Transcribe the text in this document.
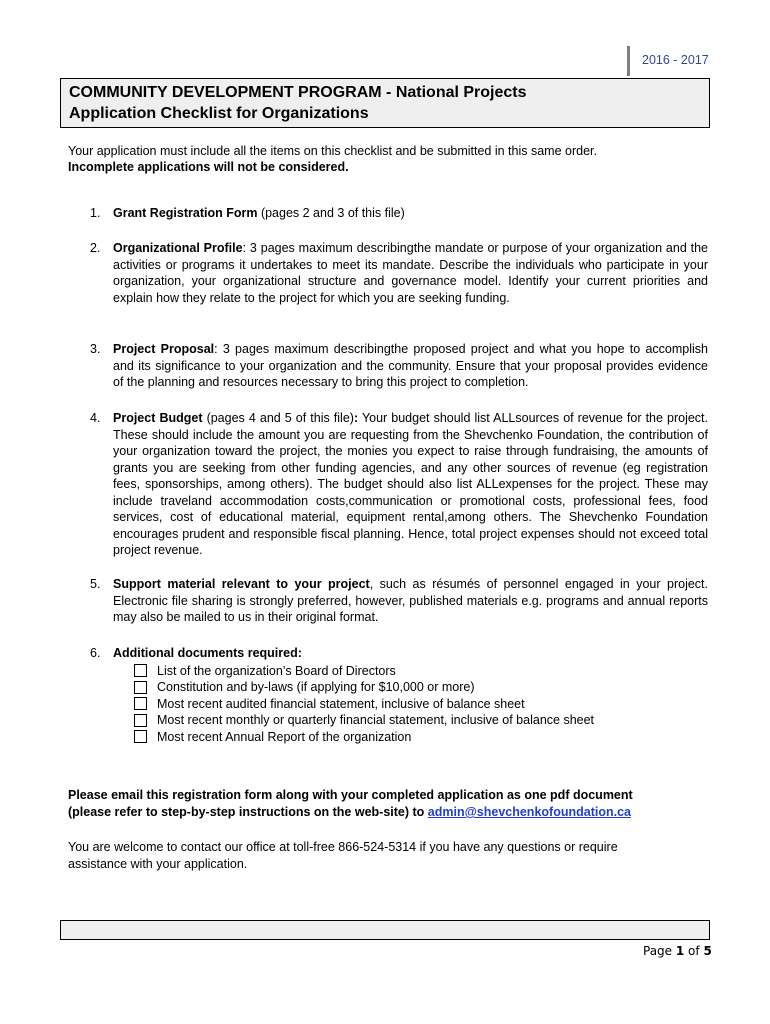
2016 - 2017
COMMUNITY DEVELOPMENT PROGRAM - National Projects
Application Checklist for Organizations
Your application must include all the items on this checklist and be submitted in this same order.
Incomplete applications will not be considered.
1. Grant Registration Form (pages 2 and 3 of this file)
2. Organizational Profile: 3 pages maximum describingthe mandate or purpose of your organization and the activities or programs it undertakes to meet its mandate. Describe the individuals who participate in your organization, your organizational structure and governance model. Identify your current priorities and explain how they relate to the project for which you are seeking funding.
3. Project Proposal: 3 pages maximum describingthe proposed project and what you hope to accomplish and its significance to your organization and the community. Ensure that your proposal provides evidence of the planning and resources necessary to bring this project to completion.
4. Project Budget (pages 4 and 5 of this file): Your budget should list ALLsources of revenue for the project. These should include the amount you are requesting from the Shevchenko Foundation, the contribution of your organization toward the project, the monies you expect to raise through fundraising, the amounts of grants you are seeking from other funding agencies, and any other sources of revenue (eg registration fees, sponsorships, among others). The budget should also list ALLexpenses for the project. These may include traveland accommodation costs,communication or promotional costs, professional fees, food services, cost of educational material, equipment rental,among others. The Shevchenko Foundation encourages prudent and responsible fiscal planning. Hence, total project expenses should not exceed total project revenue.
5. Support material relevant to your project, such as résumés of personnel engaged in your project. Electronic file sharing is strongly preferred, however, published materials e.g. programs and annual reports may also be mailed to us in their original format.
6. Additional documents required:
List of the organization’s Board of Directors
Constitution and by-laws (if applying for $10,000 or more)
Most recent audited financial statement, inclusive of balance sheet
Most recent monthly or quarterly financial statement, inclusive of balance sheet
Most recent Annual Report of the organization
Please email this registration form along with your completed application as one pdf document
(please refer to step-by-step instructions on the web-site) to admin@shevchenkofoundation.ca
You are welcome to contact our office at toll-free 866-524-5314 if you have any questions or require
assistance with your application.
Page 1 of 5
